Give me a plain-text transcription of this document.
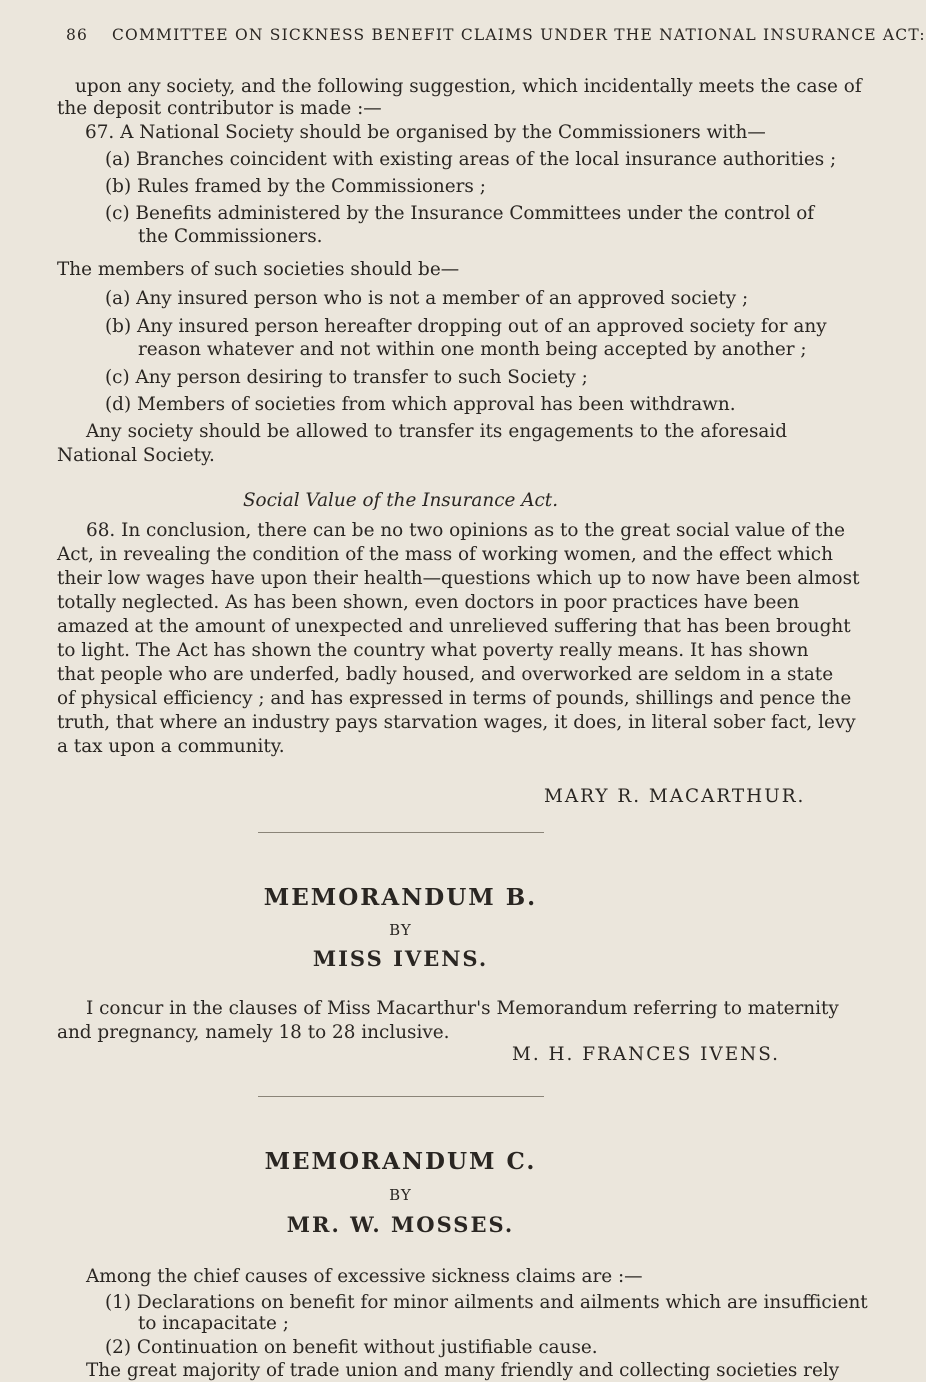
86 COMMITTEE ON SICKNESS BENEFIT CLAIMS UNDER THE NATIONAL INSURANCE ACT:
upon any society, and the following suggestion, which incidentally meets the case of
the deposit contributor is made :—
67. A National Society should be organised by the Commissioners with—
(a) Branches coincident with existing areas of the local insurance authorities ;
(b) Rules framed by the Commissioners ;
(c) Benefits administered by the Insurance Committees under the control of
the Commissioners.
The members of such societies should be—
(a) Any insured person who is not a member of an approved society ;
(b) Any insured person hereafter dropping out of an approved society for any
reason whatever and not within one month being accepted by another ;
(c) Any person desiring to transfer to such Society ;
(d) Members of societies from which approval has been withdrawn.
Any society should be allowed to transfer its engagements to the aforesaid
National Society.
Social Value of the Insurance Act.
68. In conclusion, there can be no two opinions as to the great social value of the
Act, in revealing the condition of the mass of working women, and the effect which
their low wages have upon their health—questions which up to now have been almost
totally neglected. As has been shown, even doctors in poor practices have been
amazed at the amount of unexpected and unrelieved suffering that has been brought
to light. The Act has shown the country what poverty really means. It has shown
that people who are underfed, badly housed, and overworked are seldom in a state
of physical efficiency ; and has expressed in terms of pounds, shillings and pence the
truth, that where an industry pays starvation wages, it does, in literal sober fact, levy
a tax upon a community.
MARY R. MACARTHUR.
MEMORANDUM B.
BY
MISS IVENS.
I concur in the clauses of Miss Macarthur's Memorandum referring to maternity
and pregnancy, namely 18 to 28 inclusive.
M. H. FRANCES IVENS.
MEMORANDUM C.
BY
MR. W. MOSSES.
Among the chief causes of excessive sickness claims are :—
(1) Declarations on benefit for minor ailments and ailments which are insufficient
to incapacitate ;
(2) Continuation on benefit without justifiable cause.
The great majority of trade union and many friendly and collecting societies rely
